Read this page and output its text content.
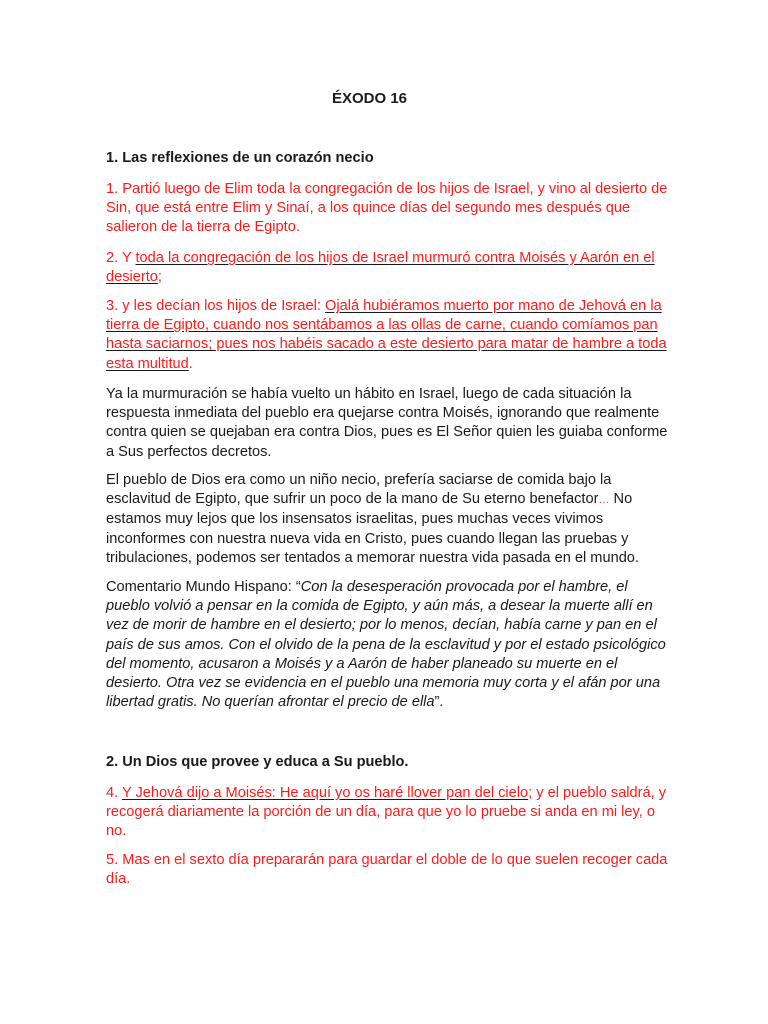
ÉXODO 16
1. Las reflexiones de un corazón necio

1. Partió luego de Elim toda la congregación de los hijos de Israel, y vino al desierto de Sin, que está entre Elim y Sinaí, a los quince días del segundo mes después que salieron de la tierra de Egipto.

2. Y toda la congregación de los hijos de Israel murmuró contra Moisés y Aarón en el desierto;

3. y les decían los hijos de Israel: Ojalá hubiéramos muerto por mano de Jehová en la tierra de Egipto, cuando nos sentábamos a las ollas de carne, cuando comíamos pan hasta saciarnos; pues nos habéis sacado a este desierto para matar de hambre a toda esta multitud.

Ya la murmuración se había vuelto un hábito en Israel, luego de cada situación la respuesta inmediata del pueblo era quejarse contra Moisés, ignorando que realmente contra quien se quejaban era contra Dios, pues es El Señor quien les guiaba conforme a Sus perfectos decretos.

El pueblo de Dios era como un niño necio, prefería saciarse de comida bajo la esclavitud de Egipto, que sufrir un poco de la mano de Su eterno benefactor… No estamos muy lejos que los insensatos israelitas, pues muchas veces vivimos inconformes con nuestra nueva vida en Cristo, pues cuando llegan las pruebas y tribulaciones, podemos ser tentados a memorar nuestra vida pasada en el mundo.

Comentario Mundo Hispano: “Con la desesperación provocada por el hambre, el pueblo volvió a pensar en la comida de Egipto, y aún más, a desear la muerte allí en vez de morir de hambre en el desierto; por lo menos, decían, había carne y pan en el país de sus amos. Con el olvido de la pena de la esclavitud y por el estado psicológico del momento, acusaron a Moisés y a Aarón de haber planeado su muerte en el desierto. Otra vez se evidencia en el pueblo una memoria muy corta y el afán por una libertad gratis. No querían afrontar el precio de ella”.

2. Un Dios que provee y educa a Su pueblo.

4. Y Jehová dijo a Moisés: He aquí yo os haré llover pan del cielo; y el pueblo saldrá, y recogerá diariamente la porción de un día, para que yo lo pruebe si anda en mi ley, o no.

5. Mas en el sexto día prepararán para guardar el doble de lo que suelen recoger cada día.
